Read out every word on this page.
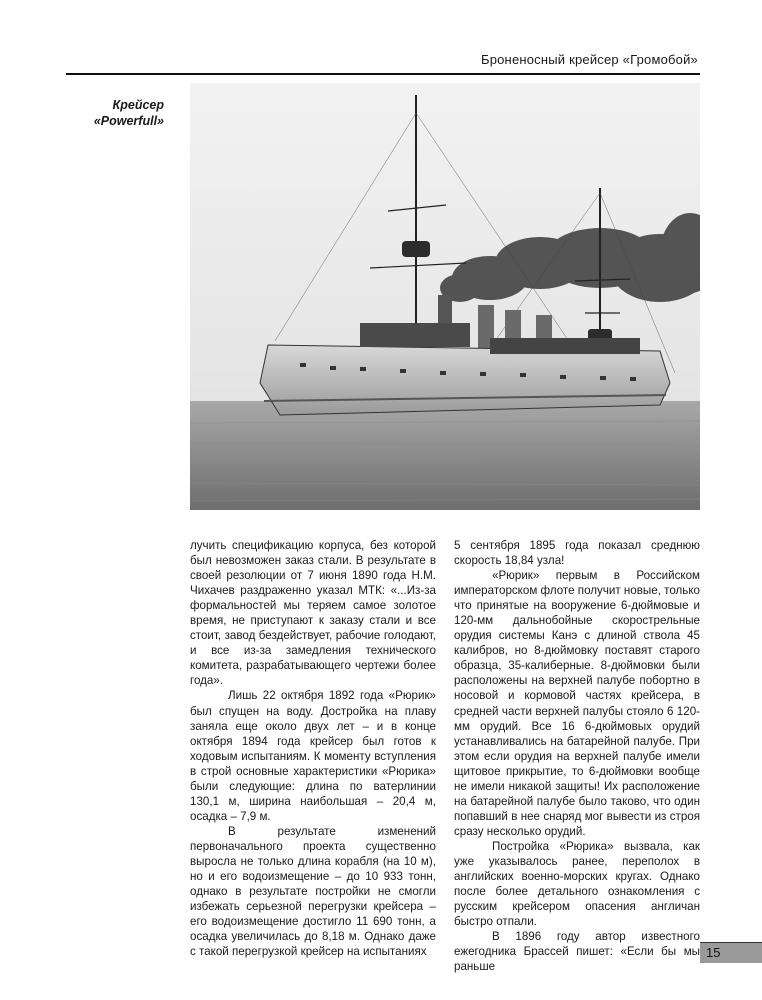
Броненосный крейсер «Громобой»
Крейсер
«Powerfull»

лучить спецификацию корпуса, без которой был невозможен заказ стали. В результате в своей резолюции от 7 июня 1890 года Н.М. Чихачев раздраженно указал МТК: «...Из-за формальностей мы теряем самое золотое время, не приступают к заказу стали и все стоит, завод бездействует, рабочие голодают, и все из-за замедления технического комитета, разрабатывающего чертежи более года».

Лишь 22 октября 1892 года «Рюрик» был спущен на воду. Достройка на плаву заняла еще около двух лет – и в конце октября 1894 года крейсер был готов к ходовым испытаниям. К моменту вступления в строй основные характеристики «Рюрика» были следующие: длина по ватерлинии 130,1 м, ширина наибольшая – 20,4 м, осадка – 7,9 м.

В результате изменений первоначального проекта существенно выросла не только длина корабля (на 10 м), но и его водоизмещение – до 10 933 тонн, однако в результате постройки не смогли избежать серьезной перегрузки крейсера – его водоизмещение достигло 11 690 тонн, а осадка увеличилась до 8,18 м. Однако даже с такой перегрузкой крейсер на испытаниях

5 сентября 1895 года показал среднюю скорость 18,84 узла!

«Рюрик» первым в Российском императорском флоте получит новые, только что принятые на вооружение 6-дюймовые и 120-мм дальнобойные скорострельные орудия системы Канэ с длиной ствола 45 калибров, но 8-дюймовку поставят старого образца, 35-калиберные. 8-дюймовки были расположены на верхней палубе побортно в носовой и кормовой частях крейсера, в средней части верхней палубы стояло 6 120-мм орудий. Все 16 6-дюймовых орудий устанавливались на батарейной палубе. При этом если орудия на верхней палубе имели щитовое прикрытие, то 6-дюймовки вообще не имели никакой защиты! Их расположение на батарейной палубе было таково, что один попавший в нее снаряд мог вывести из строя сразу несколько орудий.

Постройка «Рюрика» вызвала, как уже указывалось ранее, переполох в английских военно-морских кругах. Однако после более детального ознакомления с русским крейсером опасения англичан быстро отпали.

В 1896 году автор известного ежегодника Брассей пишет: «Если бы мы раньше

15
